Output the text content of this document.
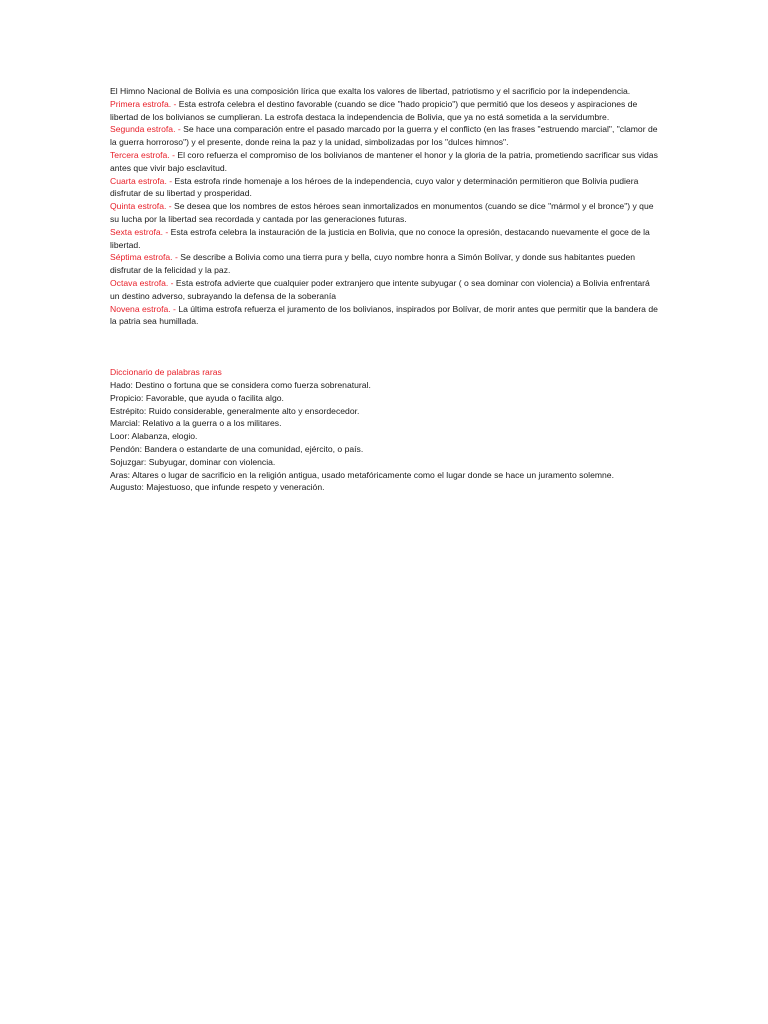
El Himno Nacional de Bolivia es una composición lírica que exalta los valores de libertad, patriotismo y el sacrificio por la independencia.

Primera estrofa. - Esta estrofa celebra el destino favorable (cuando se dice "hado propicio") que permitió que los deseos y aspiraciones de libertad de los bolivianos se cumplieran. La estrofa destaca la independencia de Bolivia, que ya no está sometida a la servidumbre.

Segunda estrofa. - Se hace una comparación entre el pasado marcado por la guerra y el conflicto (en las frases "estruendo marcial", "clamor de la guerra horroroso") y el presente, donde reina la paz y la unidad, simbolizadas por los "dulces himnos".

Tercera estrofa. - El coro refuerza el compromiso de los bolivianos de mantener el honor y la gloria de la patria, prometiendo sacrificar sus vidas antes que vivir bajo esclavitud.

Cuarta estrofa. - Esta estrofa rinde homenaje a los héroes de la independencia, cuyo valor y determinación permitieron que Bolivia pudiera disfrutar de su libertad y prosperidad.

Quinta estrofa. - Se desea que los nombres de estos héroes sean inmortalizados en monumentos (cuando se dice "mármol y el bronce") y que su lucha por la libertad sea recordada y cantada por las generaciones futuras.

Sexta estrofa. - Esta estrofa celebra la instauración de la justicia en Bolivia, que no conoce la opresión, destacando nuevamente el goce de la libertad.

Séptima estrofa. - Se describe a Bolivia como una tierra pura y bella, cuyo nombre honra a Simón Bolívar, y donde sus habitantes pueden disfrutar de la felicidad y la paz.

Octava estrofa. - Esta estrofa advierte que cualquier poder extranjero que intente subyugar ( o sea dominar con violencia) a Bolivia enfrentará un destino adverso, subrayando la defensa de la soberanía

Novena estrofa. - La última estrofa refuerza el juramento de los bolivianos, inspirados por Bolívar, de morir antes que permitir que la bandera de la patria sea humillada.

Diccionario de palabras raras

Hado: Destino o fortuna que se considera como fuerza sobrenatural.

Propicio: Favorable, que ayuda o facilita algo.

Estrépito: Ruido considerable, generalmente alto y ensordecedor.

Marcial: Relativo a la guerra o a los militares.

Loor: Alabanza, elogio.

Pendón: Bandera o estandarte de una comunidad, ejército, o país.

Sojuzgar: Subyugar, dominar con violencia.

Aras: Altares o lugar de sacrificio en la religión antigua, usado metafóricamente como el lugar donde se hace un juramento solemne.

Augusto: Majestuoso, que infunde respeto y veneración.
